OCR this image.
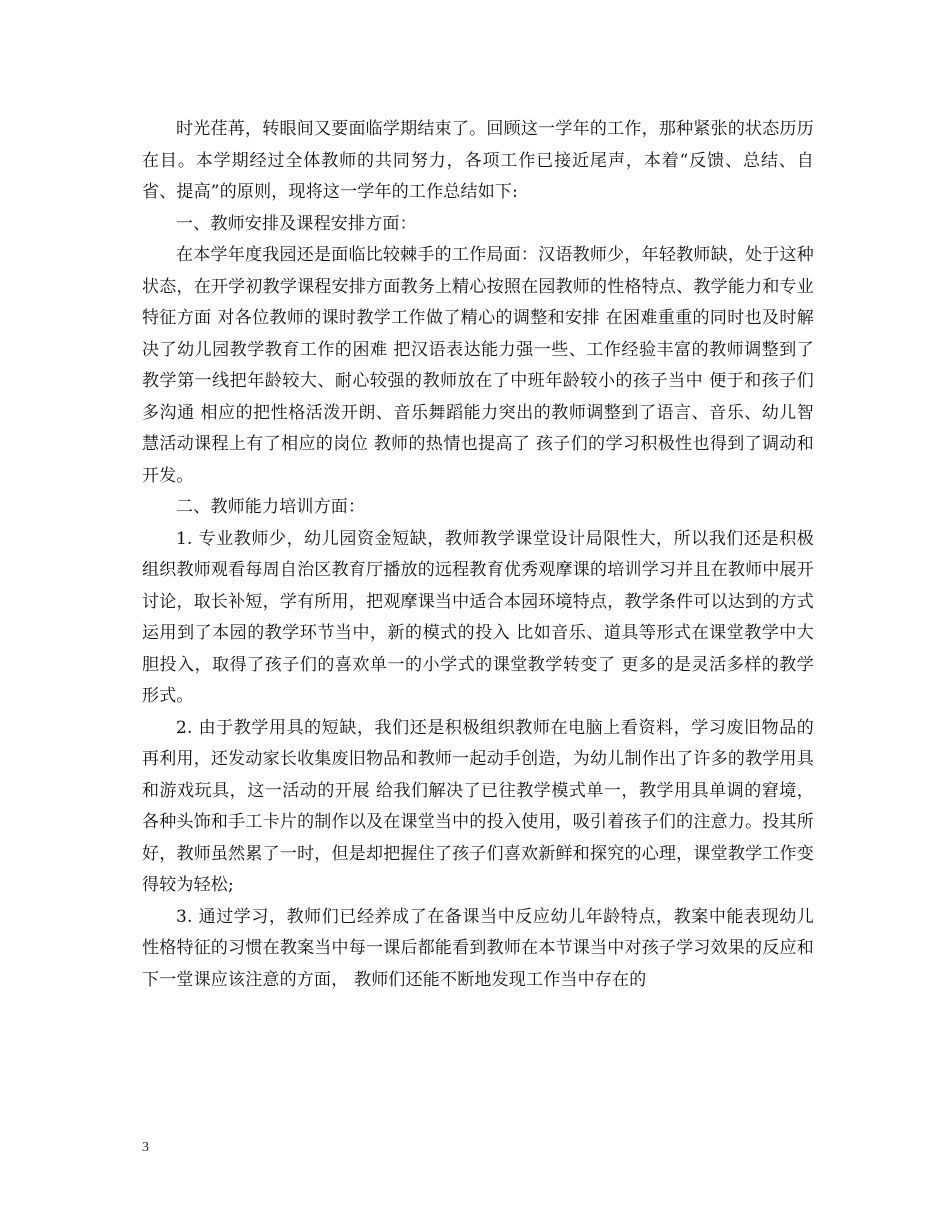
时光荏苒，转眼间又要面临学期结束了。回顾这一学年的工作，那种紧张的状态历历在目。本学期经过全体教师的共同努力，各项工作已接近尾声，本着“反馈、总结、自省、提高”的原则，现将这一学年的工作总结如下:

一、教师安排及课程安排方面：

在本学年度我园还是面临比较棘手的工作局面：汉语教师少，年轻教师缺，处于这种状态，在开学初教学课程安排方面教务上精心按照在园教师的性格特点、教学能力和专业特征方面 对各位教师的课时教学工作做了精心的调整和安排 在困难重重的同时也及时解决了幼儿园教学教育工作的困难 把汉语表达能力强一些、工作经验丰富的教师调整到了教学第一线把年龄较大、耐心较强的教师放在了中班年龄较小的孩子当中 便于和孩子们多沟通 相应的把性格活泼开朗、音乐舞蹈能力突出的教师调整到了语言、音乐、幼儿智慧活动课程上有了相应的岗位 教师的热情也提高了 孩子们的学习积极性也得到了调动和开发。

二、教师能力培训方面：

1. 专业教师少，幼儿园资金短缺，教师教学课堂设计局限性大，所以我们还是积极组织教师观看每周自治区教育厅播放的远程教育优秀观摩课的培训学习并且在教师中展开讨论，取长补短，学有所用，把观摩课当中适合本园环境特点，教学条件可以达到的方式运用到了本园的教学环节当中，新的模式的投入 比如音乐、道具等形式在课堂教学中大胆投入，取得了孩子们的喜欢单一的小学式的课堂教学转变了 更多的是灵活多样的教学形式。

2. 由于教学用具的短缺，我们还是积极组织教师在电脑上看资料，学习废旧物品的再利用，还发动家长收集废旧物品和教师一起动手创造，为幼儿制作出了许多的教学用具和游戏玩具，这一活动的开展 给我们解决了已往教学模式单一，教学用具单调的窘境，各种头饰和手工卡片的制作以及在课堂当中的投入使用，吸引着孩子们的注意力。投其所好，教师虽然累了一时，但是却把握住了孩子们喜欢新鲜和探究的心理，课堂教学工作变得较为轻松;

3. 通过学习，教师们已经养成了在备课当中反应幼儿年龄特点，教案中能表现幼儿性格特征的习惯在教案当中每一课后都能看到教师在本节课当中对孩子学习效果的反应和下一堂课应该注意的方面， 教师们还能不断地发现工作当中存在的

3
